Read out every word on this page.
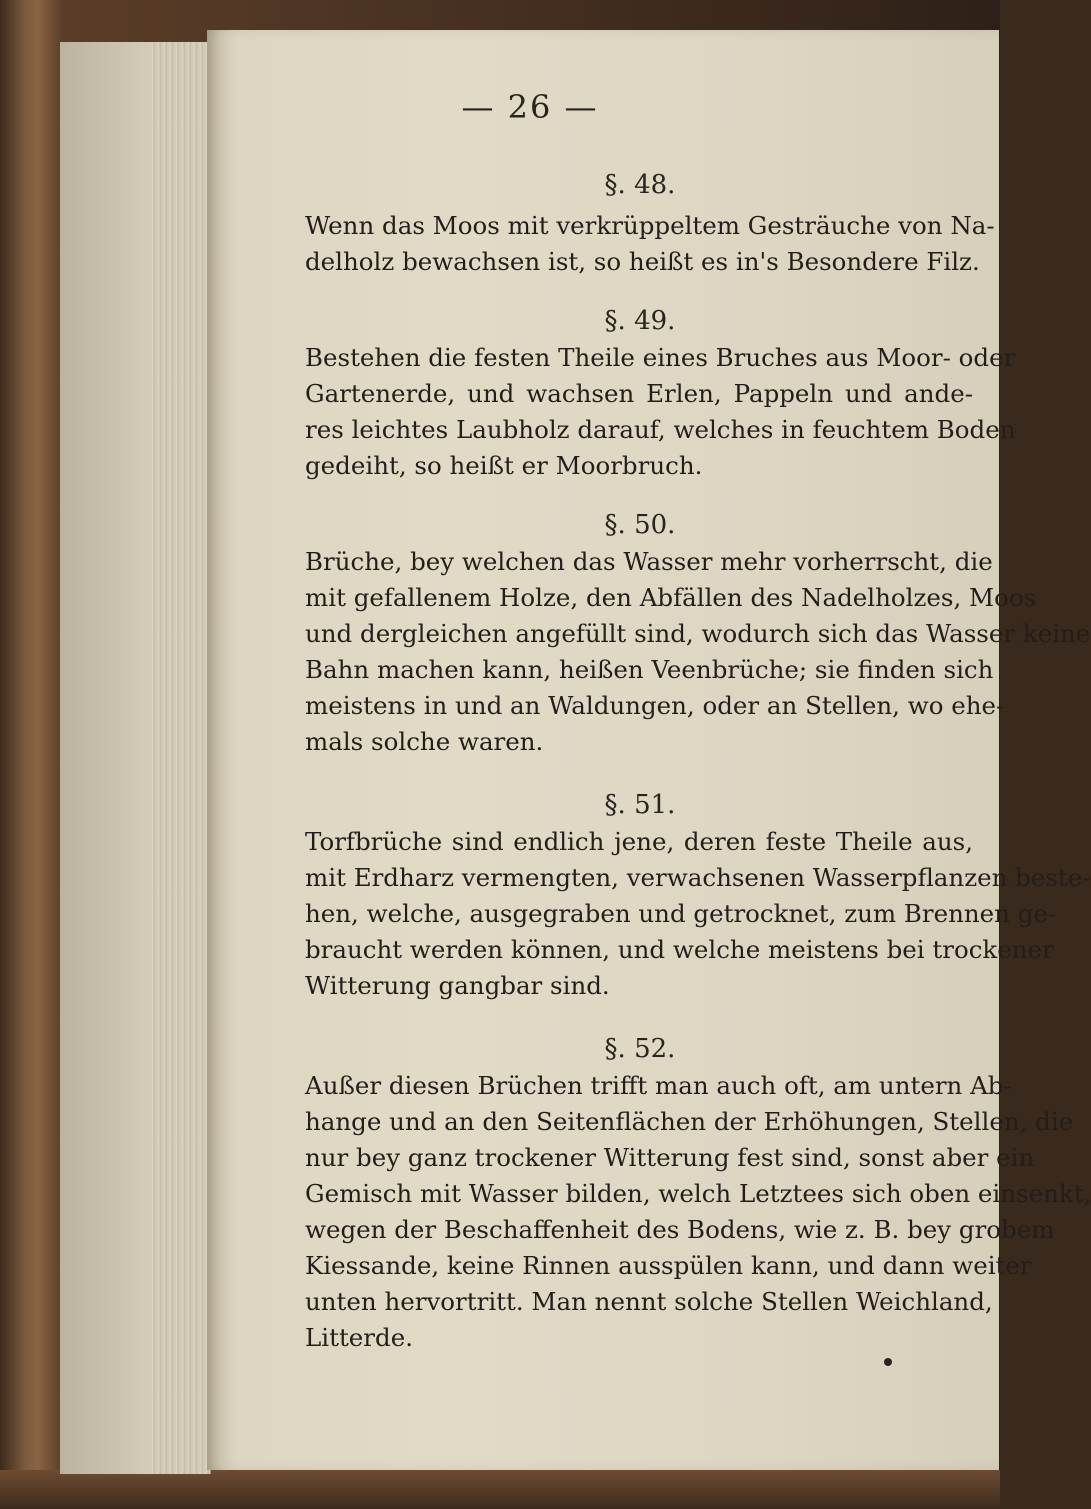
— 26 —
§. 48.
Wenn das Moos mit verkrüppeltem Gesträuche von Na-
delholz bewachsen ist, so heißt es in's Besondere Filz.
§. 49.
Bestehen die festen Theile eines Bruches aus Moor- oder
Gartenerde, und wachsen Erlen, Pappeln und ande-
res leichtes Laubholz darauf, welches in feuchtem Boden
gedeiht, so heißt er Moorbruch.
§. 50.
Brüche, bey welchen das Wasser mehr vorherrscht, die
mit gefallenem Holze, den Abfällen des Nadelholzes, Moos
und dergleichen angefüllt sind, wodurch sich das Wasser keine
Bahn machen kann, heißen Veenbrüche; sie finden sich
meistens in und an Waldungen, oder an Stellen, wo ehe-
mals solche waren.
§. 51.
Torfbrüche sind endlich jene, deren feste Theile aus,
mit Erdharz vermengten, verwachsenen Wasserpflanzen beste-
hen, welche, ausgegraben und getrocknet, zum Brennen ge-
braucht werden können, und welche meistens bei trockener
Witterung gangbar sind.
§. 52.
Außer diesen Brüchen trifft man auch oft, am untern Ab-
hange und an den Seitenflächen der Erhöhungen, Stellen, die
nur bey ganz trockener Witterung fest sind, sonst aber ein
Gemisch mit Wasser bilden, welch Letztees sich oben einsenkt,
wegen der Beschaffenheit des Bodens, wie z. B. bey grobem
Kiessande, keine Rinnen ausspülen kann, und dann weiter
unten hervortritt. Man nennt solche Stellen Weichland,
Litterde.
